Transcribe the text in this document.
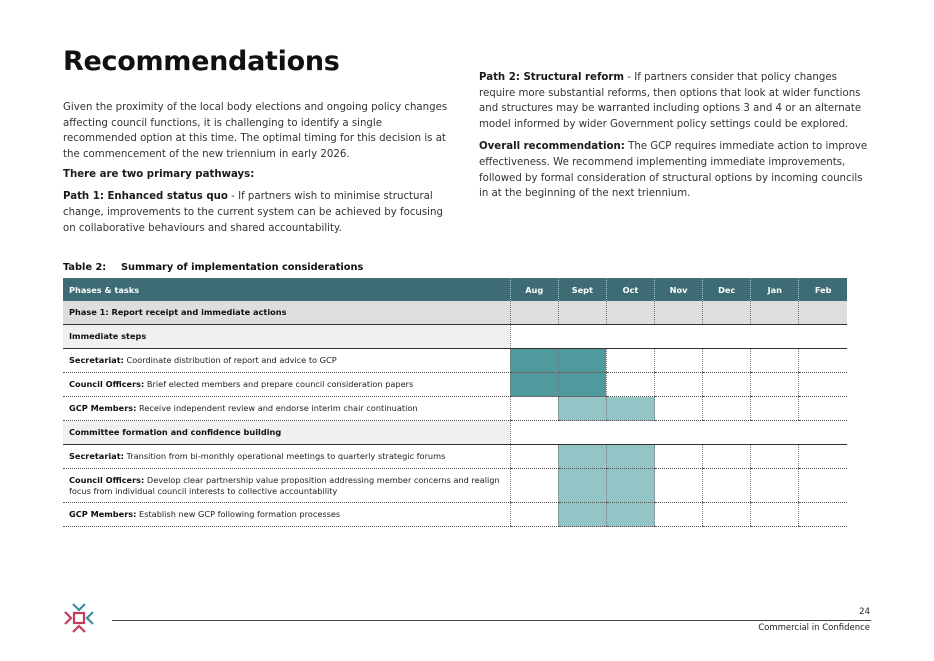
Recommendations

Given the proximity of the local body elections and ongoing policy changes affecting council functions, it is challenging to identify a single recommended option at this time. The optimal timing for this decision is at the commencement of the new triennium in early 2026.

There are two primary pathways:

Path 1: Enhanced status quo - If partners wish to minimise structural change, improvements to the current system can be achieved by focusing on collaborative behaviours and shared accountability.

Path 2: Structural reform - If partners consider that policy changes require more substantial reforms, then options that look at wider functions and structures may be warranted including options 3 and 4 or an alternate model informed by wider Government policy settings could be explored.

Overall recommendation: The GCP requires immediate action to improve effectiveness. We recommend implementing immediate improvements, followed by formal consideration of structural options by incoming councils in at the beginning of the next triennium.

Table 2: Summary of implementation considerations
Phases & tasks	Aug	Sept	Oct	Nov	Dec	Jan	Feb
Phase 1: Report receipt and immediate actions							
Immediate steps							
Secretariat: Coordinate distribution of report and advice to GCP							
Council Officers: Brief elected members and prepare council consideration papers							
GCP Members: Receive independent review and endorse interim chair continuation							
Committee formation and confidence building							
Secretariat: Transition from bi-monthly operational meetings to quarterly strategic forums							
Council Officers: Develop clear partnership value proposition addressing member concerns and realign focus from individual council interests to collective accountability							
GCP Members: Establish new GCP following formation processes							
24
Commercial in Confidence
